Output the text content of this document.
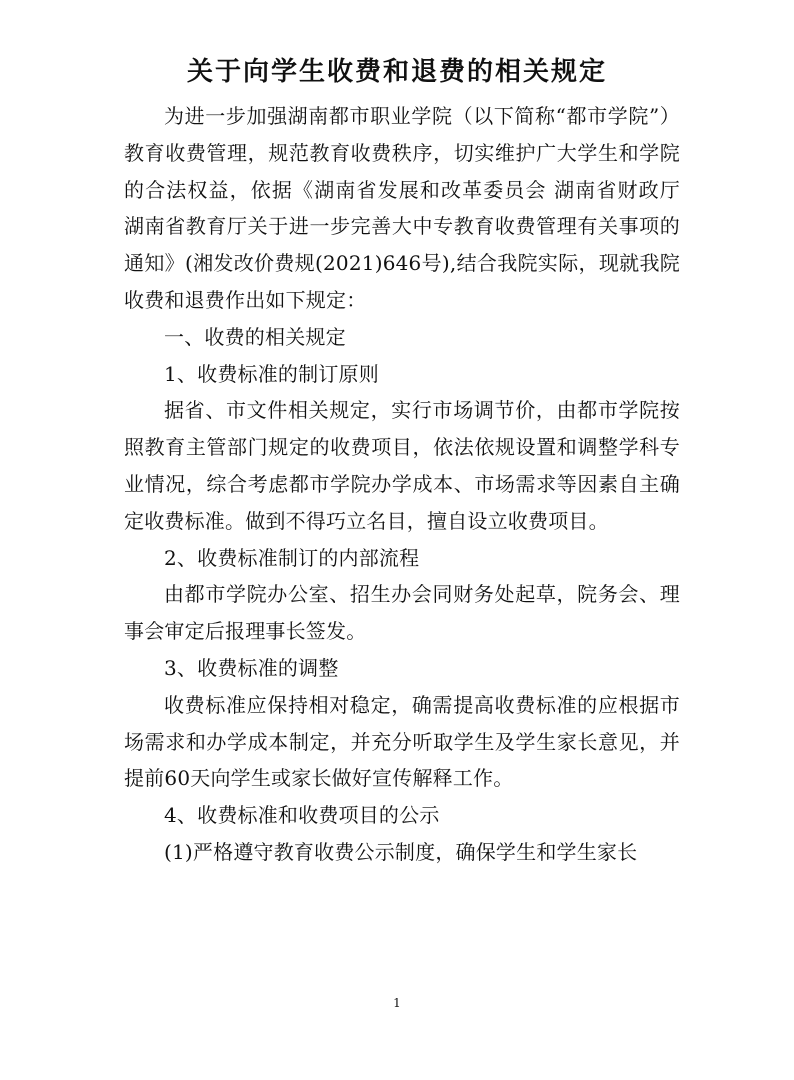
关于向学生收费和退费的相关规定

为进一步加强湖南都市职业学院（以下简称“都市学院”）教育收费管理，规范教育收费秩序，切实维护广大学生和学院的合法权益，依据《湖南省发展和改革委员会 湖南省财政厅 湖南省教育厅关于进一步完善大中专教育收费管理有关事项的通知》(湘发改价费规(2021)646号),结合我院实际，现就我院收费和退费作出如下规定：

一、收费的相关规定

1、收费标准的制订原则

据省、市文件相关规定，实行市场调节价，由都市学院按照教育主管部门规定的收费项目，依法依规设置和调整学科专业情况，综合考虑都市学院办学成本、市场需求等因素自主确定收费标准。做到不得巧立名目，擅自设立收费项目。

2、收费标准制订的内部流程

由都市学院办公室、招生办会同财务处起草，院务会、理事会审定后报理事长签发。

3、收费标准的调整

收费标准应保持相对稳定，确需提高收费标准的应根据市场需求和办学成本制定，并充分听取学生及学生家长意见，并提前60天向学生或家长做好宣传解释工作。

4、收费标准和收费项目的公示

(1)严格遵守教育收费公示制度，确保学生和学生家长

1
